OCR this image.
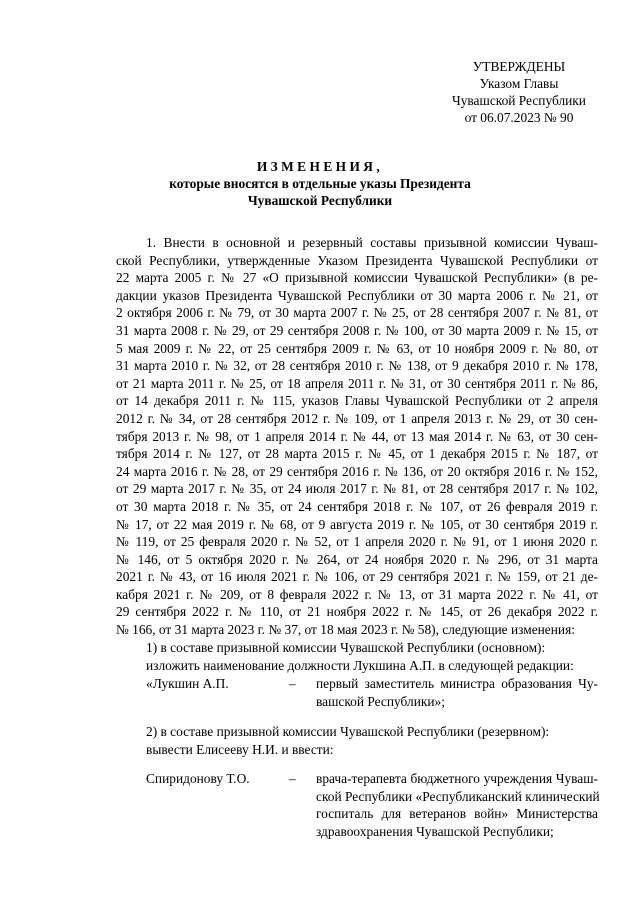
УТВЕРЖДЕНЫ
Указом Главы
Чувашской Республики
от 06.07.2023 № 90
ИЗМЕНЕНИЯ,
которые вносятся в отдельные указы Президента
Чувашской Республики
1. Внести в основной и резервный составы призывной комиссии Чуваш-
ской Республики, утвержденные Указом Президента Чувашской Республики от
22 марта 2005 г. № 27 «О призывной комиссии Чувашской Республики» (в ре-
дакции указов Президента Чувашской Республики от 30 марта 2006 г. № 21, от
2 октября 2006 г. № 79, от 30 марта 2007 г. № 25, от 28 сентября 2007 г. № 81, от
31 марта 2008 г. № 29, от 29 сентября 2008 г. № 100, от 30 марта 2009 г. № 15, от
5 мая 2009 г. № 22, от 25 сентября 2009 г. № 63, от 10 ноября 2009 г. № 80, от
31 марта 2010 г. № 32, от 28 сентября 2010 г. № 138, от 9 декабря 2010 г. № 178,
от 21 марта 2011 г. № 25, от 18 апреля 2011 г. № 31, от 30 сентября 2011 г. № 86,
от 14 декабря 2011 г. № 115, указов Главы Чувашской Республики от 2 апреля
2012 г. № 34, от 28 сентября 2012 г. № 109, от 1 апреля 2013 г. № 29, от 30 сен-
тября 2013 г. № 98, от 1 апреля 2014 г. № 44, от 13 мая 2014 г. № 63, от 30 сен-
тября 2014 г. № 127, от 28 марта 2015 г. № 45, от 1 декабря 2015 г. № 187, от
24 марта 2016 г. № 28, от 29 сентября 2016 г. № 136, от 20 октября 2016 г. № 152,
от 29 марта 2017 г. № 35, от 24 июля 2017 г. № 81, от 28 сентября 2017 г. № 102,
от 30 марта 2018 г. № 35, от 24 сентября 2018 г. № 107, от 26 февраля 2019 г.
№ 17, от 22 мая 2019 г. № 68, от 9 августа 2019 г. № 105, от 30 сентября 2019 г.
№ 119, от 25 февраля 2020 г. № 52, от 1 апреля 2020 г. № 91, от 1 июня 2020 г.
№ 146, от 5 октября 2020 г. № 264, от 24 ноября 2020 г. № 296, от 31 марта
2021 г. № 43, от 16 июля 2021 г. № 106, от 29 сентября 2021 г. № 159, от 21 де-
кабря 2021 г. № 209, от 8 февраля 2022 г. № 13, от 31 марта 2022 г. № 41, от
29 сентября 2022 г. № 110, от 21 ноября 2022 г. № 145, от 26 декабря 2022 г.
№ 166, от 31 марта 2023 г. № 37, от 18 мая 2023 г. № 58), следующие изменения:
1) в составе призывной комиссии Чувашской Республики (основном):
изложить наименование должности Лукшина А.П. в следующей редакции:
«Лукшин А.П.	– первый заместитель министра образования Чу-
вашской Республики»;
2) в составе призывной комиссии Чувашской Республики (резервном):
вывести Елисееву Н.И. и ввести:
Спиридонову Т.О.	– врача-терапевта бюджетного учреждения Чуваш-
ской Республики «Республиканский клинический
госпиталь для ветеранов войн» Министерства
здравоохранения Чувашской Республики;
